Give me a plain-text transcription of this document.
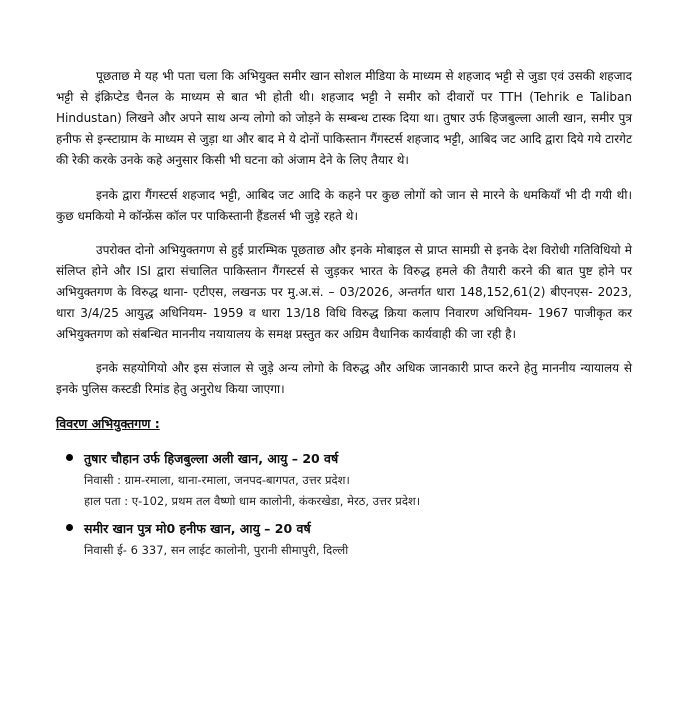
पूछताछ मे यह भी पता चला कि अभियुक्त समीर खान सोशल मीडिया के माध्यम से शहजाद भट्टी से जुडा एवं उसकी शहजाद भट्टी से इंक्रिप्टेड चैनल के माध्यम से बात भी होती थी। शहजाद भट्टी ने समीर को दीवारों पर TTH (Tehrik e Taliban Hindustan) लिखने और अपने साथ अन्य लोगो को जोड़ने के सम्बन्ध टास्क दिया था। तुषार उर्फ हिजबुल्ला आली खान, समीर पुत्र हनीफ से इन्स्टाग्राम के माध्यम से जुड़ा था और बाद मे ये दोनों पाकिस्तान गैंगस्टर्स शहजाद भट्टी, आबिद जट आदि द्वारा दिये गये टारगेट की रेकी करके उनके कहे अनुसार किसी भी घटना को अंजाम देने के लिए तैयार थे।

इनके द्वारा गैंगस्टर्स शहजाद भट्टी, आबिद जट आदि के कहने पर कुछ लोगों को जान से मारने के धमकियाँ भी दी गयी थी। कुछ धमकियो मे कॉन्फ्रेंस कॉल पर पाकिस्तानी हैंडलर्स भी जुड़े रहते थे।

उपरोक्त दोनो अभियुक्तगण से हुई प्रारम्भिक पूछताछ और इनके मोबाइल से प्राप्त सामग्री से इनके देश विरोधी गतिविधियो मे संलिप्त होने और ISI द्वारा संचालित पाकिस्तान गैंगस्टर्स से जुड़कर भारत के विरुद्ध हमले की तैयारी करने की बात पुष्ट होने पर अभियुक्तगण के विरुद्ध थाना- एटीएस, लखनऊ पर मु.अ.सं. – 03/2026, अन्तर्गत धारा 148,152,61(2) बीएनएस- 2023, धारा 3/4/25 आयुद्ध अधिनियम- 1959 व धारा 13/18 विधि विरुद्ध क्रिया कलाप निवारण अधिनियम- 1967 पाजीकृत कर अभियुक्तगण को संबन्धित माननीय नयायालय के समक्ष प्रस्तुत कर अग्रिम वैधानिक कार्यवाही की जा रही है।

इनके सहयोगियो और इस संजाल से जुड़े अन्य लोगो के विरुद्ध और अधिक जानकारी प्राप्त करने हेतु माननीय न्यायालय से इनके पुलिस कस्टडी रिमांड हेतु अनुरोध किया जाएगा।

विवरण अभियुक्तगण :
तुषार चौहान उर्फ हिजबुल्ला अली खान, आयु – 20 वर्ष
निवासी : ग्राम-रमाला, थाना-रमाला, जनपद-बागपत, उत्तर प्रदेश।
हाल पता : ए-102, प्रथम तल वैष्णो धाम कालोनी, कंकरखेडा, मेरठ, उत्तर प्रदेश।
समीर खान पुत्र मो0 हनीफ खान, आयु – 20 वर्ष
निवासी ई- 6 337, सन लाईट कालोनी, पुरानी सीमापुरी, दिल्ली
